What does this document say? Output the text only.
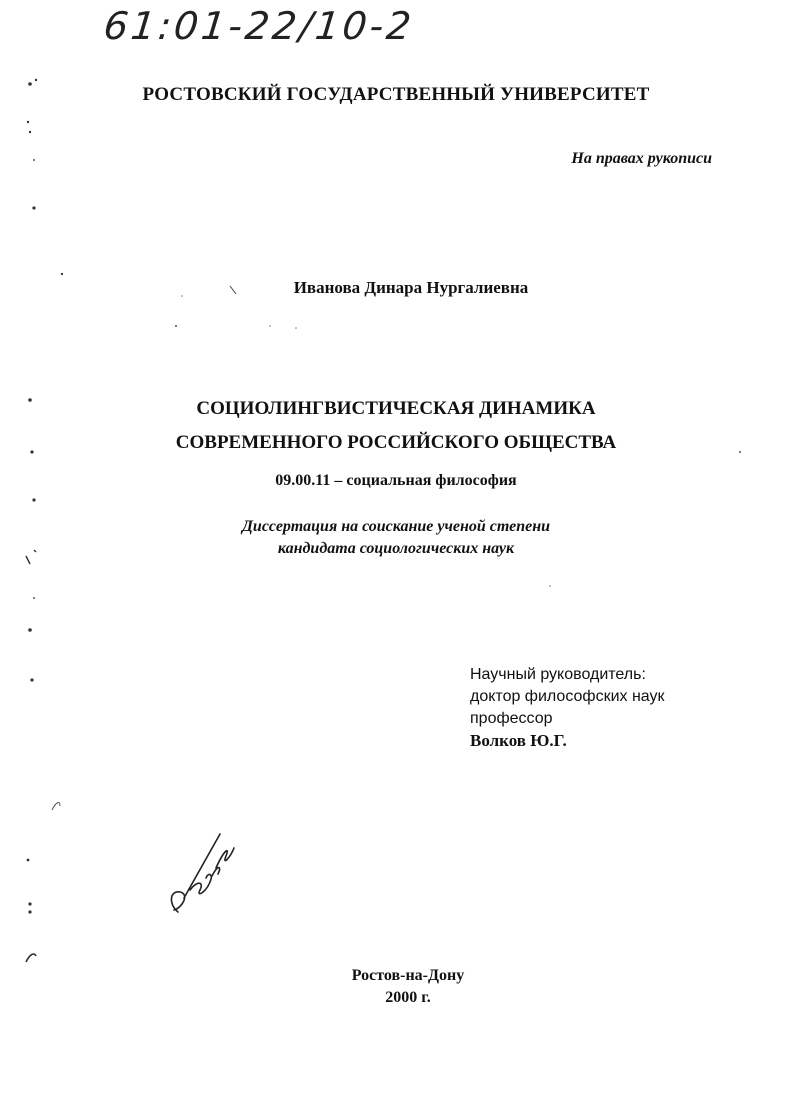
61:01-22/10-2
РОСТОВСКИЙ ГОСУДАРСТВЕННЫЙ УНИВЕРСИТЕТ
На правах рукописи
Иванова Динара Нургалиевна
СОЦИОЛИНГВИСТИЧЕСКАЯ ДИНАМИКА
СОВРЕМЕННОГО РОССИЙСКОГО ОБЩЕСТВА
09.00.11 – социальная философия
Диссертация на соискание ученой степени
кандидата социологических наук
Научный руководитель:
доктор философских наук
профессор
Волков Ю.Г.
Ростов-на-Дону
2000 г.
